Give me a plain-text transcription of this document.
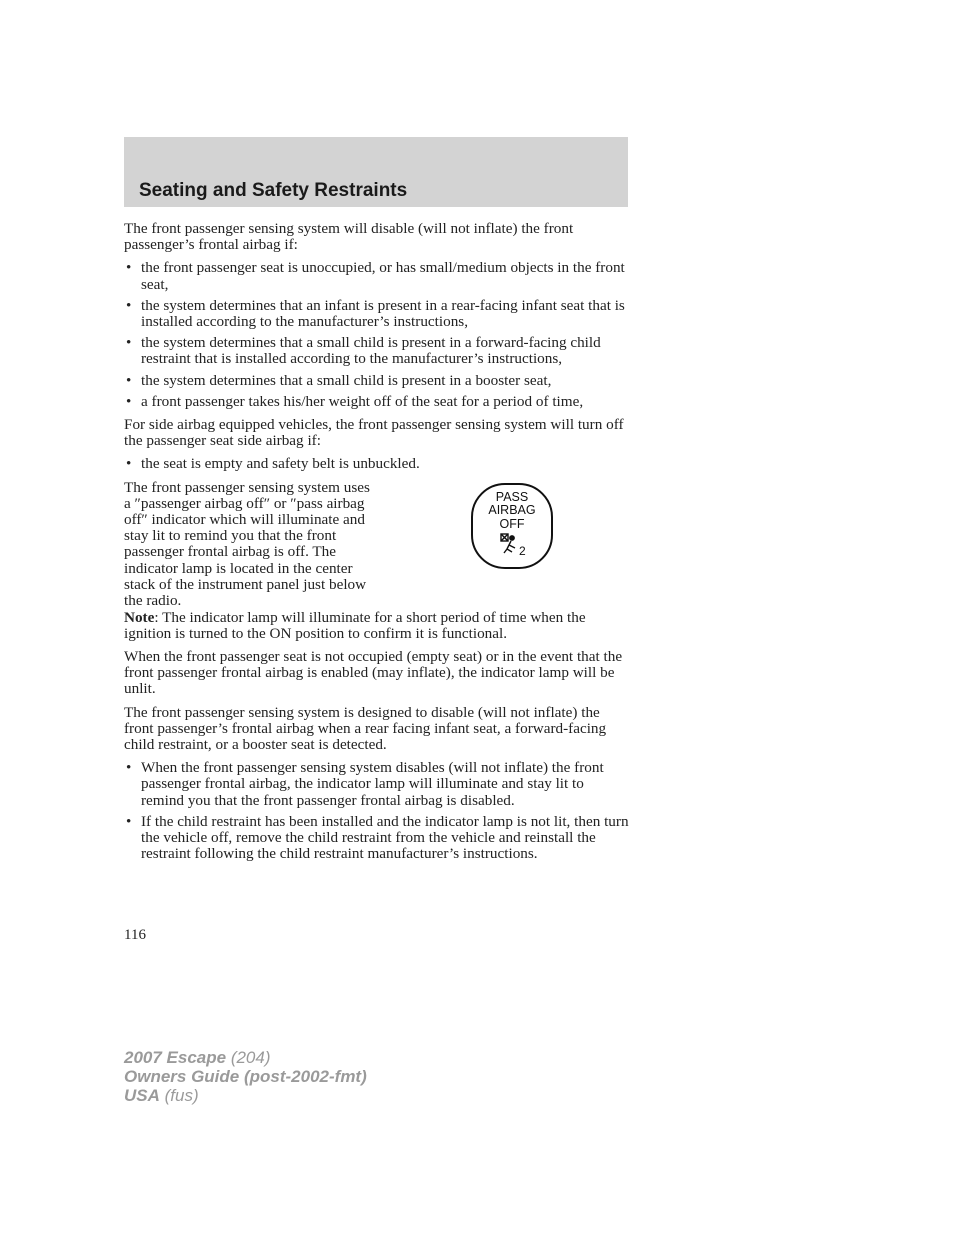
Seating and Safety Restraints

The front passenger sensing system will disable (will not inflate) the front passenger’s frontal airbag if:

• the front passenger seat is unoccupied, or has small/medium objects in the front seat,
• the system determines that an infant is present in a rear-facing infant seat that is installed according to the manufacturer’s instructions,
• the system determines that a small child is present in a forward-facing child restraint that is installed according to the manufacturer’s instructions,
• the system determines that a small child is present in a booster seat,
• a front passenger takes his/her weight off of the seat for a period of time,

For side airbag equipped vehicles, the front passenger sensing system will turn off the passenger seat side airbag if:

• the seat is empty and safety belt is unbuckled.

The front passenger sensing system uses a ″passenger airbag off″ or ″pass airbag off″ indicator which will illuminate and stay lit to remind you that the front passenger frontal airbag is off. The indicator lamp is located in the center stack of the instrument panel just below the radio.

PASS
AIRBAG
OFF
2

Note: The indicator lamp will illuminate for a short period of time when the ignition is turned to the ON position to confirm it is functional.

When the front passenger seat is not occupied (empty seat) or in the event that the front passenger frontal airbag is enabled (may inflate), the indicator lamp will be unlit.

The front passenger sensing system is designed to disable (will not inflate) the front passenger’s frontal airbag when a rear facing infant seat, a forward-facing child restraint, or a booster seat is detected.

• When the front passenger sensing system disables (will not inflate) the front passenger frontal airbag, the indicator lamp will illuminate and stay lit to remind you that the front passenger frontal airbag is disabled.
• If the child restraint has been installed and the indicator lamp is not lit, then turn the vehicle off, remove the child restraint from the vehicle and reinstall the restraint following the child restraint manufacturer’s instructions.
116
2007 Escape (204)
Owners Guide (post-2002-fmt)
USA (fus)
